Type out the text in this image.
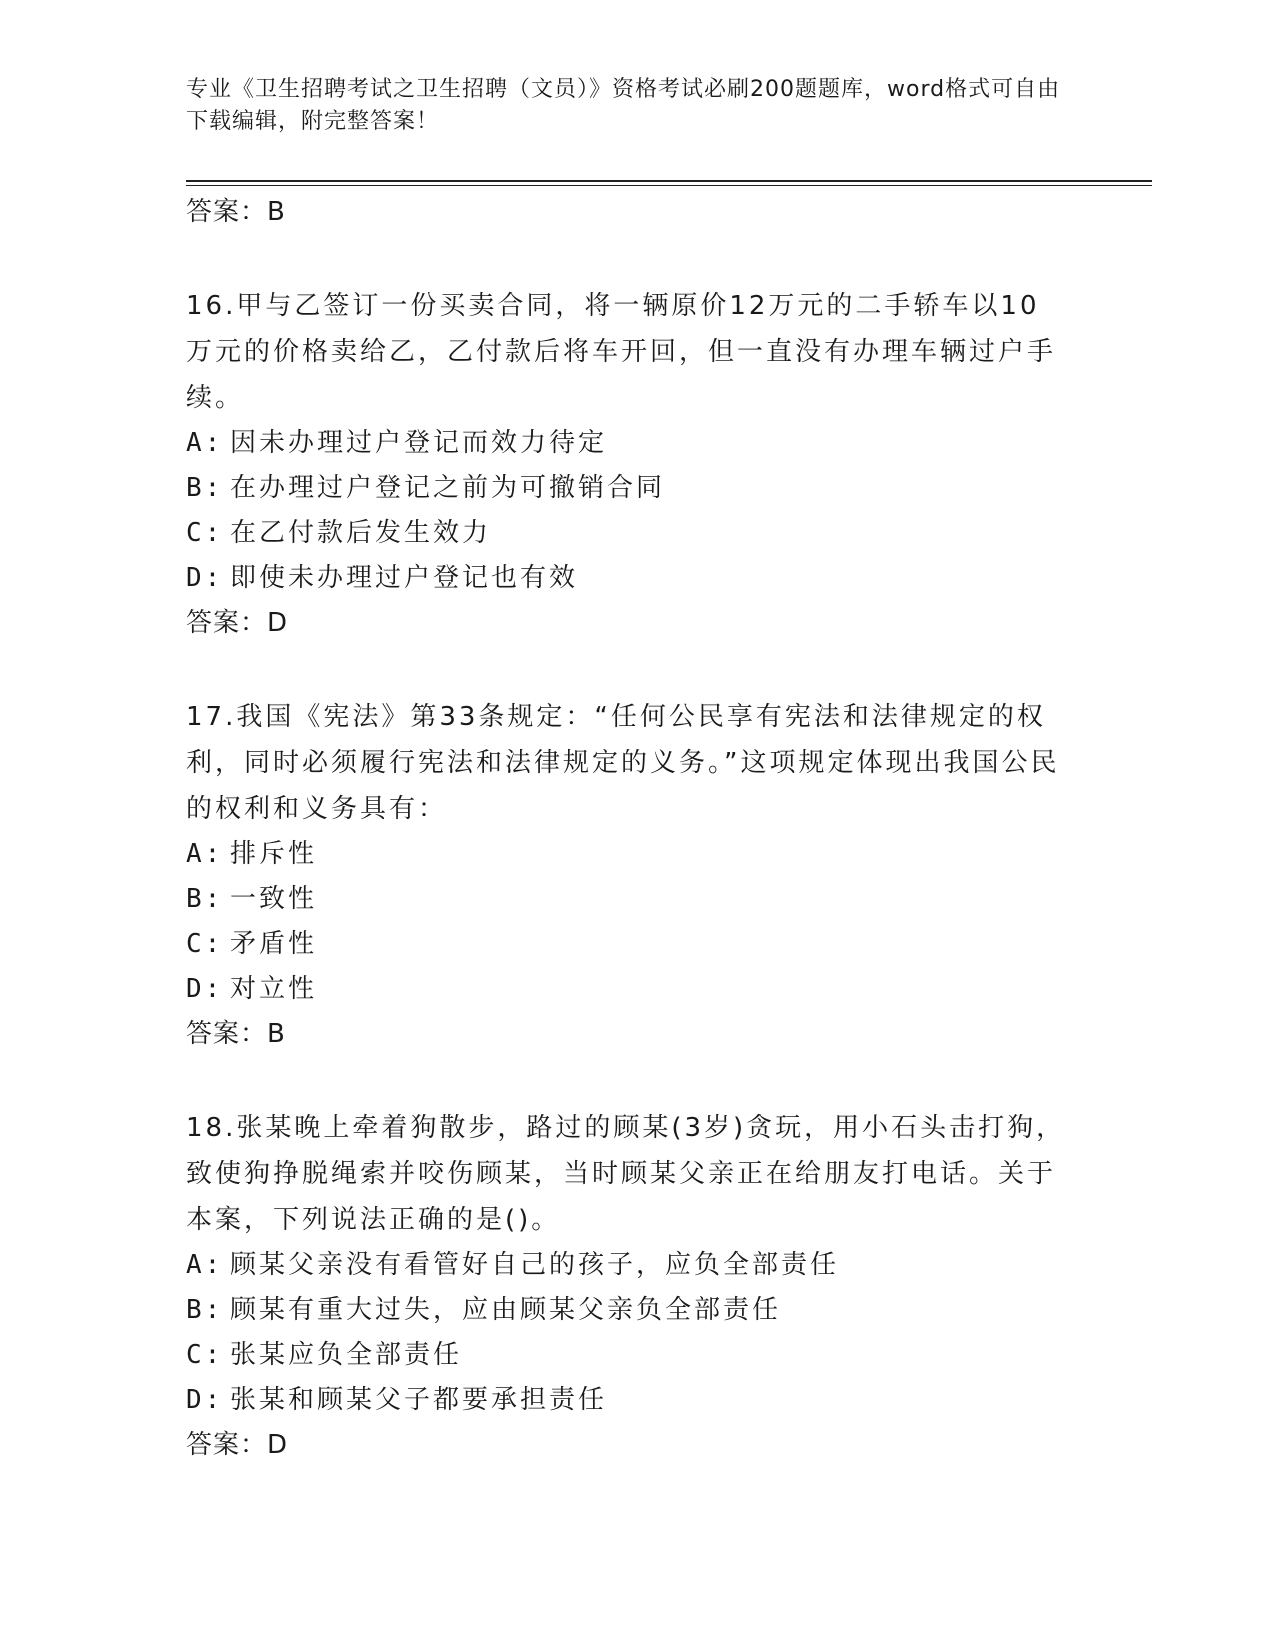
专业《卫生招聘考试之卫生招聘（文员）》资格考试必刷200题题库，word格式可自由下载编辑，附完整答案！
答案：B
16.甲与乙签订一份买卖合同，将一辆原价12万元的二手轿车以10万元的价格卖给乙，乙付款后将车开回，但一直没有办理车辆过户手续。
A: 因未办理过户登记而效力待定
B: 在办理过户登记之前为可撤销合同
C: 在乙付款后发生效力
D: 即使未办理过户登记也有效
答案：D
17.我国《宪法》第33条规定：“任何公民享有宪法和法律规定的权利，同时必须履行宪法和法律规定的义务。”这项规定体现出我国公民的权利和义务具有：
A: 排斥性
B: 一致性
C: 矛盾性
D: 对立性
答案：B
18.张某晚上牵着狗散步，路过的顾某(3岁)贪玩，用小石头击打狗，致使狗挣脱绳索并咬伤顾某，当时顾某父亲正在给朋友打电话。关于本案，下列说法正确的是()。
A: 顾某父亲没有看管好自己的孩子，应负全部责任
B: 顾某有重大过失，应由顾某父亲负全部责任
C: 张某应负全部责任
D: 张某和顾某父子都要承担责任
答案：D
